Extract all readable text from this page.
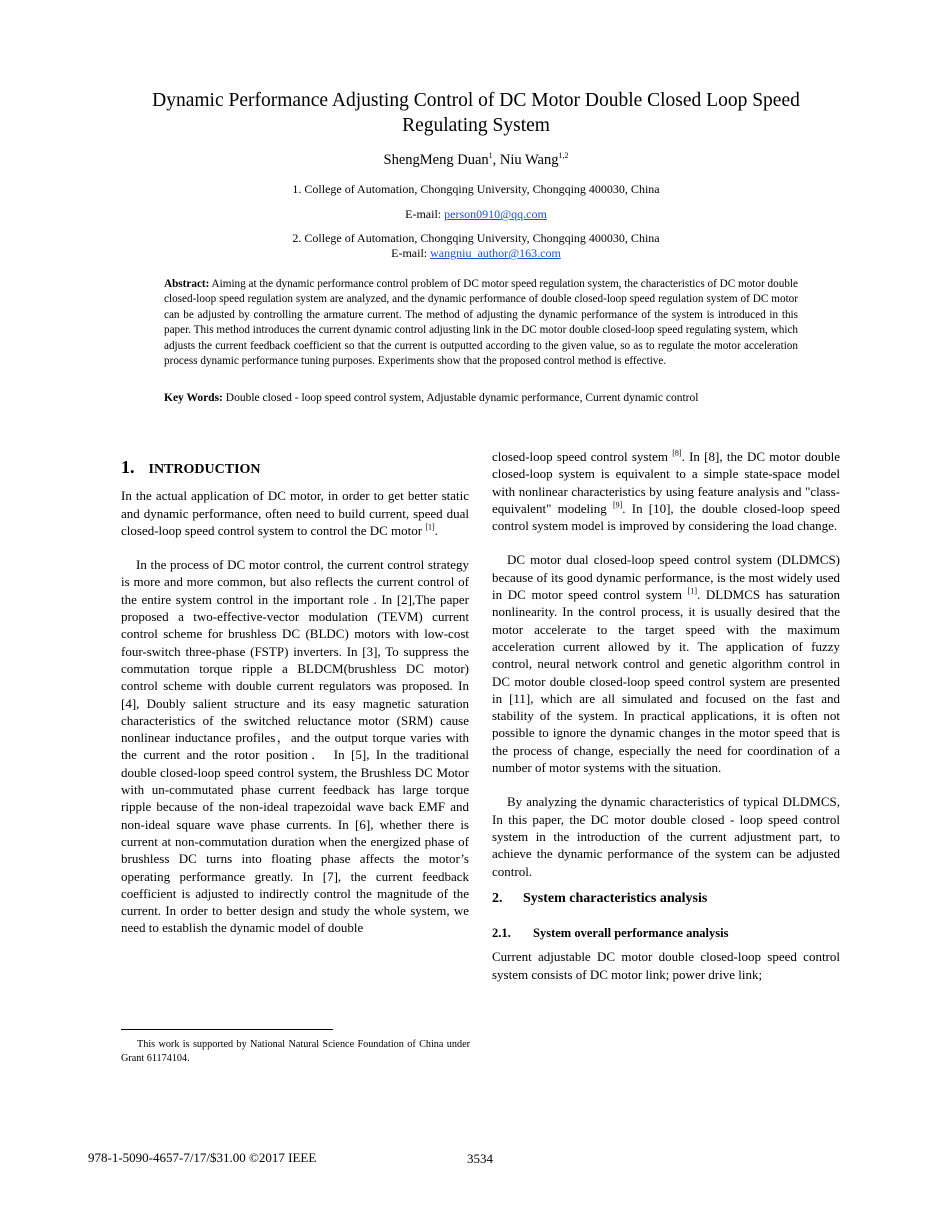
Dynamic Performance Adjusting Control of DC Motor Double Closed Loop Speed
Regulating System
ShengMeng Duan$^1$, Niu Wang$^{1,2}$
1. College of Automation, Chongqing University, Chongqing 400030, China
E-mail: person0910@qq.com
2. College of Automation, Chongqing University, Chongqing 400030, China
E-mail: wangniu_author@163.com
Abstract: Aiming at the dynamic performance control problem of DC motor speed regulation system, the characteristics of DC motor double closed-loop speed regulation system are analyzed, and the dynamic performance of double closed-loop speed regulation system of DC motor can be adjusted by controlling the armature current. The method of adjusting the dynamic performance of the system is introduced in this paper. This method introduces the current dynamic control adjusting link in the DC motor double closed-loop speed regulating system, which adjusts the current feedback coefficient so that the current is outputted according to the given value, so as to regulate the motor acceleration process dynamic performance tuning purposes. Experiments show that the proposed control method is effective.
Key Words: Double closed - loop speed control system, Adjustable dynamic performance, Current dynamic control
1. INTRODUCTION

In the actual application of DC motor, in order to get better static and dynamic performance, often need to build current, speed dual closed-loop speed control system to control the DC motor [1].

In the process of DC motor control, the current control strategy is more and more common, but also reflects the current control of the entire system control in the important role . In [2],The paper proposed a two-effective-vector modulation (TEVM) current control scheme for brushless DC (BLDC) motors with low-cost four-switch three-phase (FSTP) inverters. In [3], To suppress the commutation torque ripple a BLDCM(brushless DC motor) control scheme with double current regulators was proposed. In [4], Doubly salient structure and its easy magnetic saturation characteristics of the switched reluctance motor (SRM) cause nonlinear inductance profiles，and the output torque varies with the current and the rotor position． In [5], In the traditional double closed-loop speed control system, the Brushless DC Motor with un-commutated phase current feedback has large torque ripple because of the non-ideal trapezoidal wave back EMF and non-ideal square wave phase currents. In [6], whether there is current at non-commutation duration when the energized phase of brushless DC turns into floating phase affects the motor’s operating performance greatly. In [7], the current feedback coefficient is adjusted to indirectly control the magnitude of the current. In order to better design and study the whole system, we need to establish the dynamic model of double

closed-loop speed control system [8]. In [8], the DC motor double closed-loop system is equivalent to a simple state-space model with nonlinear characteristics by using feature analysis and "class-equivalent" modeling [9]. In [10], the double closed-loop speed control system model is improved by considering the load change.

DC motor dual closed-loop speed control system (DLDMCS) because of its good dynamic performance, is the most widely used in DC motor speed control system [1]. DLDMCS has saturation nonlinearity. In the control process, it is usually desired that the motor accelerate to the target speed with the maximum acceleration current allowed by it. The application of fuzzy control, neural network control and genetic algorithm control in DC motor double closed-loop speed control system are presented in [11], which are all simulated and focused on the fast and stability of the system. In practical applications, it is often not possible to ignore the dynamic changes in the motor speed that is the process of change, especially the need for coordination of a number of motor systems with the situation.

By analyzing the dynamic characteristics of typical DLDMCS, In this paper, the DC motor double closed - loop speed control system in the introduction of the current adjustment part, to achieve the dynamic performance of the system can be adjusted control.

2. System characteristics analysis
2.1. System overall performance analysis

Current adjustable DC motor double closed-loop speed control system consists of DC motor link; power drive link;

This work is supported by National Natural Science Foundation of China under Grant 61174104.
978-1-5090-4657-7/17/$31.00 ©2017 IEEE	3534
